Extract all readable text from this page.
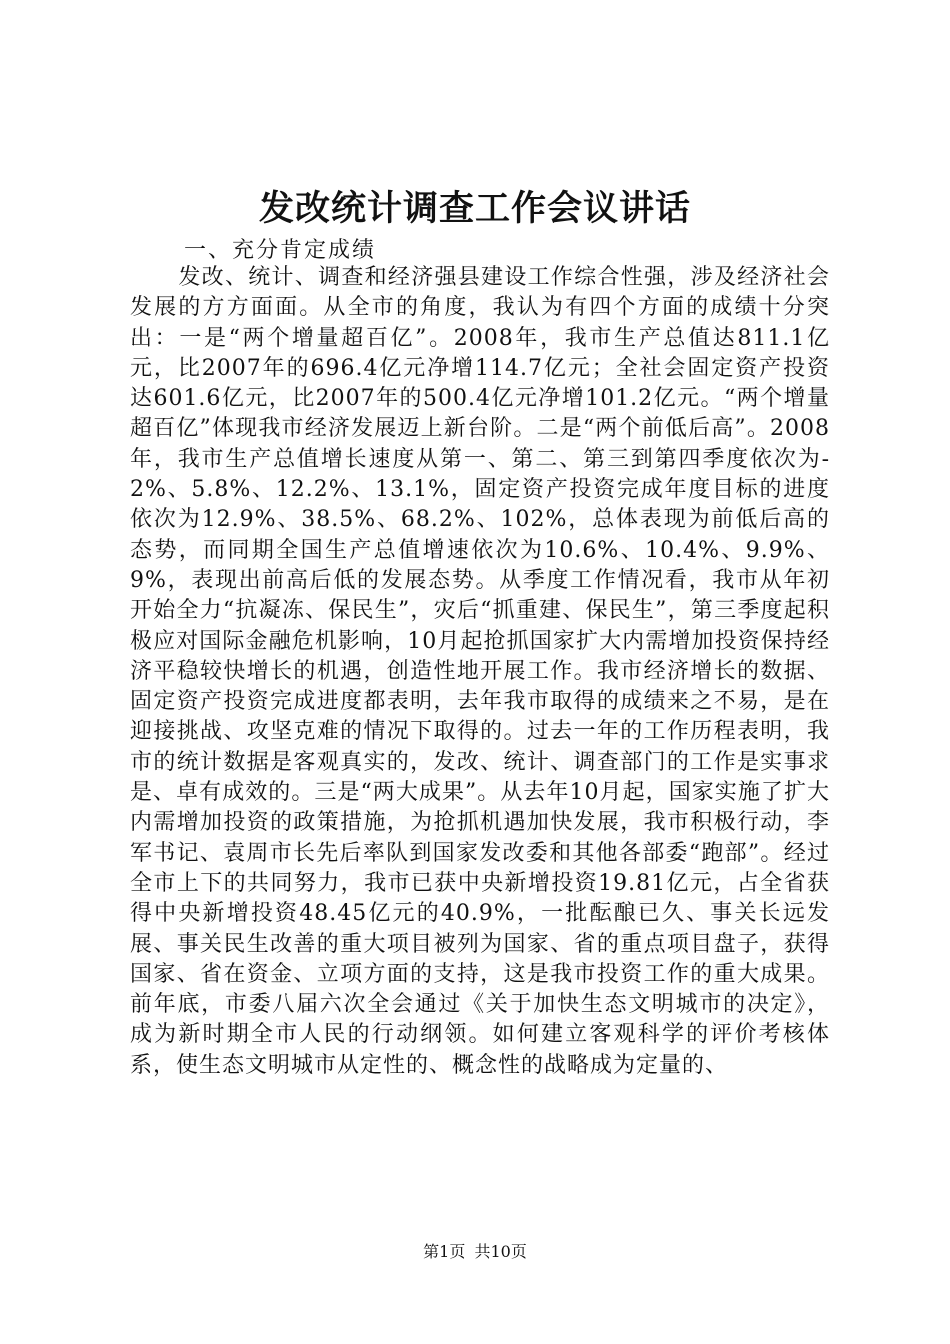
发改统计调查工作会议讲话
一、充分肯定成绩

发改、统计、调查和经济强县建设工作综合性强，涉及经济社会发展的方方面面。从全市的角度，我认为有四个方面的成绩十分突出：一是“两个增量超百亿”。2008年，我市生产总值达811.1亿元，比2007年的696.4亿元净增114.7亿元；全社会固定资产投资达601.6亿元，比2007年的500.4亿元净增101.2亿元。“两个增量超百亿”体现我市经济发展迈上新台阶。二是“两个前低后高”。2008年，我市生产总值增长速度从第一、第二、第三到第四季度依次为-2%、5.8%、12.2%、13.1%，固定资产投资完成年度目标的进度依次为12.9%、38.5%、68.2%、102%，总体表现为前低后高的态势，而同期全国生产总值增速依次为10.6%、10.4%、9.9%、9%，表现出前高后低的发展态势。从季度工作情况看，我市从年初开始全力“抗凝冻、保民生”，灾后“抓重建、保民生”，第三季度起积极应对国际金融危机影响，10月起抢抓国家扩大内需增加投资保持经济平稳较快增长的机遇，创造性地开展工作。我市经济增长的数据、固定资产投资完成进度都表明，去年我市取得的成绩来之不易，是在迎接挑战、攻坚克难的情况下取得的。过去一年的工作历程表明，我市的统计数据是客观真实的，发改、统计、调查部门的工作是实事求是、卓有成效的。三是“两大成果”。从去年10月起，国家实施了扩大内需增加投资的政策措施，为抢抓机遇加快发展，我市积极行动，李军书记、袁周市长先后率队到国家发改委和其他各部委“跑部”。经过全市上下的共同努力，我市已获中央新增投资19.81亿元，占全省获得中央新增投资48.45亿元的40.9%，一批酝酿已久、事关长远发展、事关民生改善的重大项目被列为国家、省的重点项目盘子，获得国家、省在资金、立项方面的支持，这是我市投资工作的重大成果。前年底，市委八届六次全会通过《关于加快生态文明城市的决定》，成为新时期全市人民的行动纲领。如何建立客观科学的评价考核体系，使生态文明城市从定性的、概念性的战略成为定量的、

第1页 共10页
